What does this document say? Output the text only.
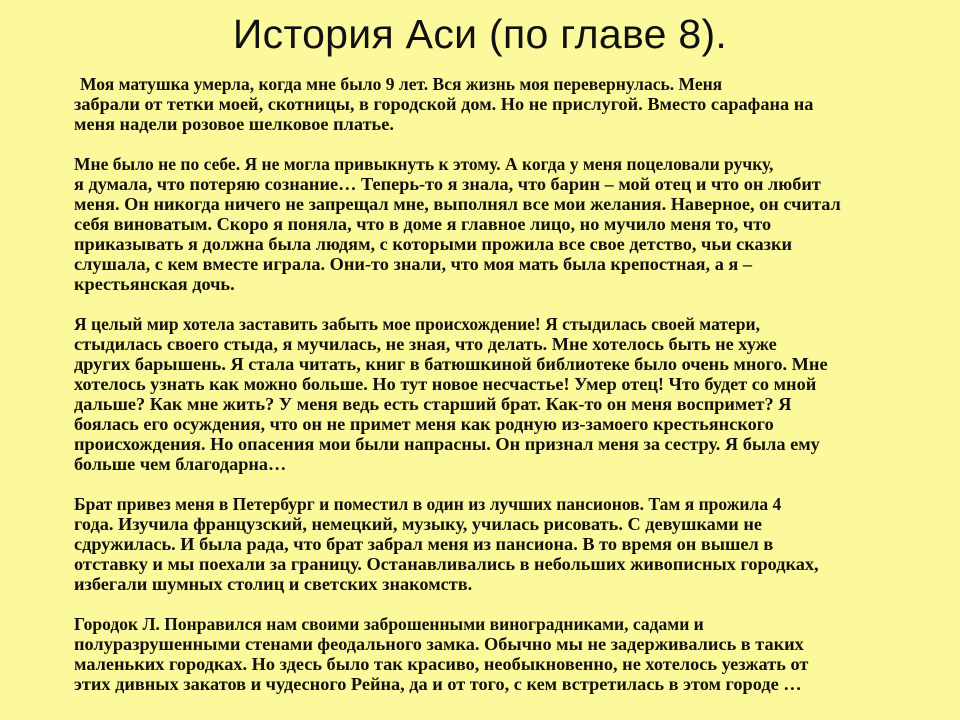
История Аси (по главе 8).

Моя матушка умерла, когда мне было 9 лет. Вся жизнь моя перевернулась. Меня
забрали от тетки моей, скотницы, в городской дом. Но не прислугой. Вместо сарафана на
меня надели розовое шелковое платье.

Мне было не по себе. Я не могла привыкнуть к этому. А когда у меня поцеловали ручку,
я думала, что потеряю сознание… Теперь-то я знала, что барин – мой отец и что он любит
меня. Он никогда ничего не запрещал мне, выполнял все мои желания. Наверное, он считал
себя виноватым. Скоро я поняла, что в доме я главное лицо, но мучило меня то, что
приказывать я должна была людям, с которыми прожила все свое детство, чьи сказки
слушала, с кем вместе играла. Они-то знали, что моя мать была крепостная, а я –
крестьянская дочь.

Я целый мир хотела заставить забыть мое происхождение! Я стыдилась своей матери,
стыдилась своего стыда, я мучилась, не зная, что делать. Мне хотелось быть не хуже
других барышень. Я стала читать, книг в батюшкиной библиотеке было очень много. Мне
хотелось узнать как можно больше. Но тут новое несчастье! Умер отец! Что будет со мной
дальше? Как мне жить? У меня ведь есть старший брат. Как-то он меня воспримет? Я
боялась его осуждения, что он не примет меня как родную из-замоего крестьянского
происхождения. Но опасения мои были напрасны. Он признал меня за сестру. Я была ему
больше чем благодарна…

Брат привез меня в Петербург и поместил в один из лучших пансионов. Там я прожила 4
года. Изучила французский, немецкий, музыку, училась рисовать. С девушками не
сдружилась. И была рада, что брат забрал меня из пансиона. В то время он вышел в
отставку и мы поехали за границу. Останавливались в небольших живописных городках,
избегали шумных столиц и светских знакомств.

Городок Л. Понравился нам своими заброшенными виноградниками, садами и
полуразрушенными стенами феодального замка. Обычно мы не задерживались в таких
маленьких городках. Но здесь было так красиво, необыкновенно, не хотелось уезжать от
этих дивных закатов и чудесного Рейна, да и от того, с кем встретилась в этом городе …
